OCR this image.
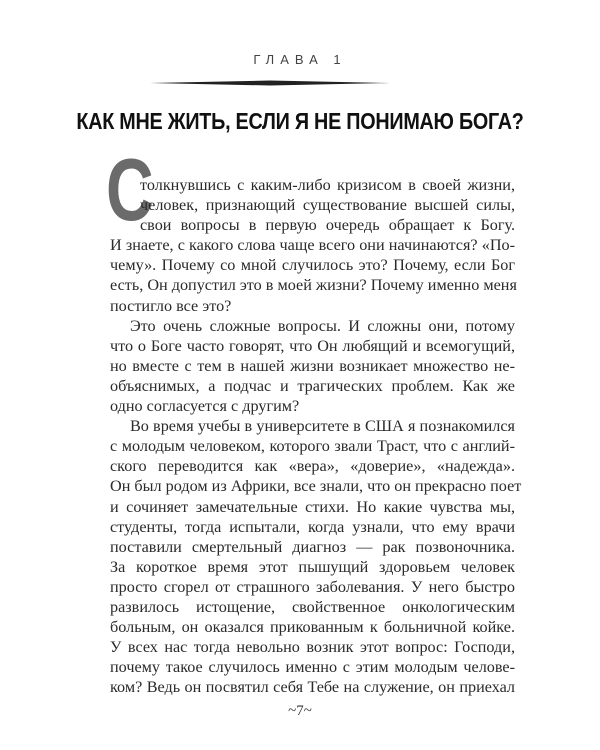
ГЛАВА 1
КАК МНЕ ЖИТЬ, ЕСЛИ Я НЕ ПОНИМАЮ БОГА?
С
толкнувшись с каким-либо кризисом в своей жизни,
человек, признающий существование высшей силы,
свои вопросы в первую очередь обращает к Богу.
И знаете, с какого слова чаще всего они начинаются? «По-
чему». Почему со мной случилось это? Почему, если Бог
есть, Он допустил это в моей жизни? Почему именно меня
постигло все это?
Это очень сложные вопросы. И сложны они, потому
что о Боге часто говорят, что Он любящий и всемогущий,
но вместе с тем в нашей жизни возникает множество не-
объяснимых, а подчас и трагических проблем. Как же
одно согласуется с другим?
Во время учебы в университете в США я познакомился
с молодым человеком, которого звали Траст, что с англий-
ского переводится как «вера», «доверие», «надежда».
Он был родом из Африки, все знали, что он прекрасно поет
и сочиняет замечательные стихи. Но какие чувства мы,
студенты, тогда испытали, когда узнали, что ему врачи
поставили смертельный диагноз — рак позвоночника.
За короткое время этот пышущий здоровьем человек
просто сгорел от страшного заболевания. У него быстро
развилось истощение, свойственное онкологическим
больным, он оказался прикованным к больничной койке.
У всех нас тогда невольно возник этот вопрос: Господи,
почему такое случилось именно с этим молодым челове-
ком? Ведь он посвятил себя Тебе на служение, он приехал
~7~
